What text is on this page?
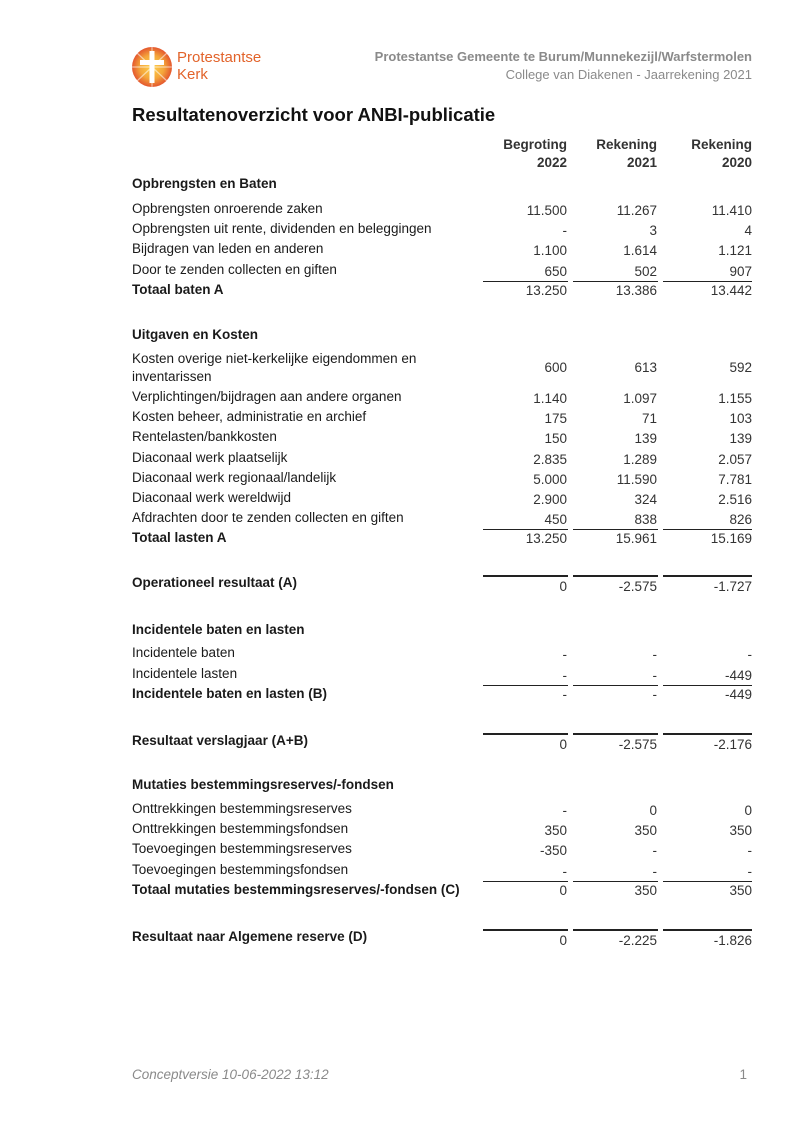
Protestantse
Kerk
Protestantse Gemeente te Burum/Munnekezijl/Warfstermolen
College van Diakenen - Jaarrekening 2021
Resultatenoverzicht voor ANBI-publicatie
Begroting
2022
Rekening
2021
Rekening
2020
Opbrengsten en Baten
Opbrengsten onroerende zaken	11.500	11.267	11.410
Opbrengsten uit rente, dividenden en beleggingen	-	3	4
Bijdragen van leden en anderen	1.100	1.614	1.121
Door te zenden collecten en giften	650	502	907
Totaal baten A	13.250	13.386	13.442
Uitgaven en Kosten
Kosten overige niet-kerkelijke eigendommen en
inventarissen
600	613	592
Verplichtingen/bijdragen aan andere organen	1.140	1.097	1.155
Kosten beheer, administratie en archief	175	71	103
Rentelasten/bankkosten	150	139	139
Diaconaal werk plaatselijk	2.835	1.289	2.057
Diaconaal werk regionaal/landelijk	5.000	11.590	7.781
Diaconaal werk wereldwijd	2.900	324	2.516
Afdrachten door te zenden collecten en giften	450	838	826
Totaal lasten A	13.250	15.961	15.169
Operationeel resultaat (A)	0	-2.575	-1.727
Incidentele baten en lasten
Incidentele baten	-	-	-
Incidentele lasten	-	-	-449
Incidentele baten en lasten (B)	-	-	-449
Resultaat verslagjaar (A+B)	0	-2.575	-2.176
Mutaties bestemmingsreserves/-fondsen
Onttrekkingen bestemmingsreserves	-	0	0
Onttrekkingen bestemmingsfondsen	350	350	350
Toevoegingen bestemmingsreserves	-350	-	-
Toevoegingen bestemmingsfondsen	-	-	-
Totaal mutaties bestemmingsreserves/-fondsen (C)	0	350	350
Resultaat naar Algemene reserve (D)	0	-2.225	-1.826
Conceptversie 10-06-2022 13:12	1
